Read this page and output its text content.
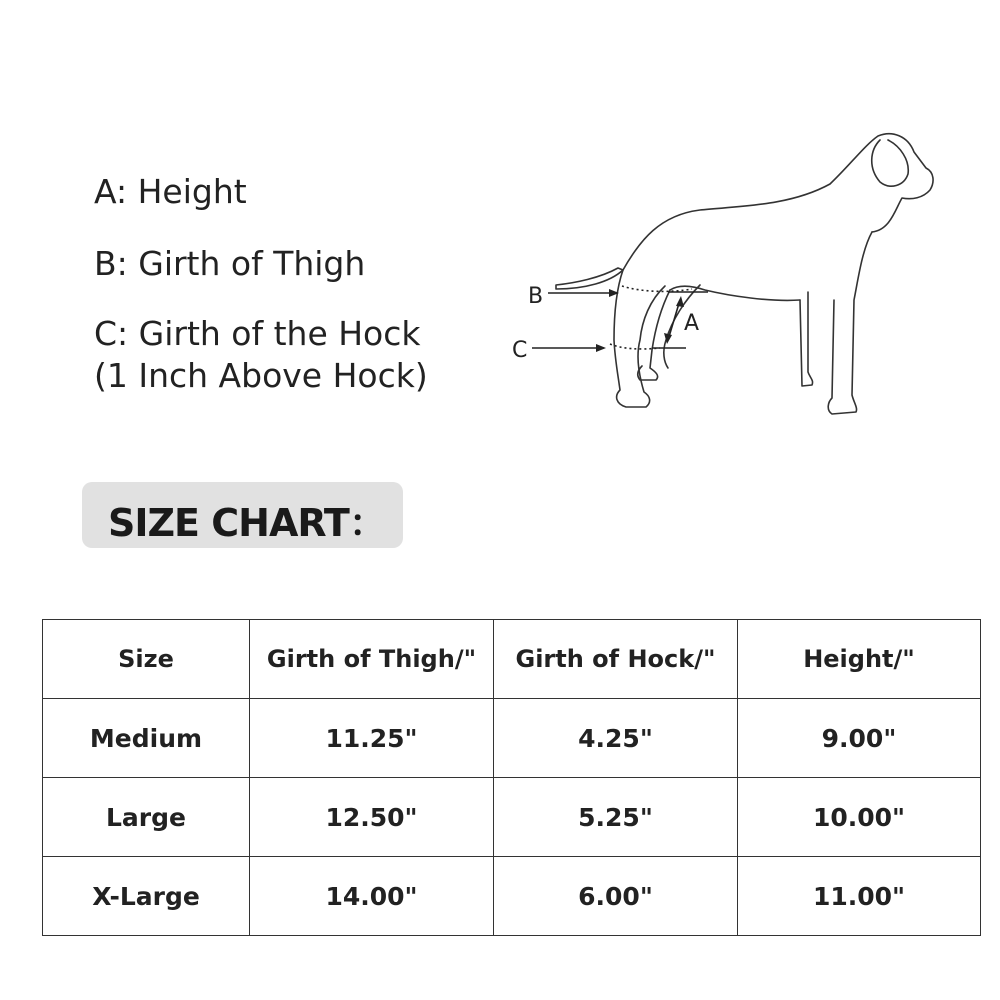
A: Height

B: Girth of Thigh

C: Girth of the Hock

(1 Inch Above Hock)

B
C
A
SIZE CHART：
Size	Girth of Thigh/"	Girth of Hock/"	Height/"
Medium	11.25"	4.25"	9.00"
Large	12.50"	5.25"	10.00"
X-Large	14.00"	6.00"	11.00"
